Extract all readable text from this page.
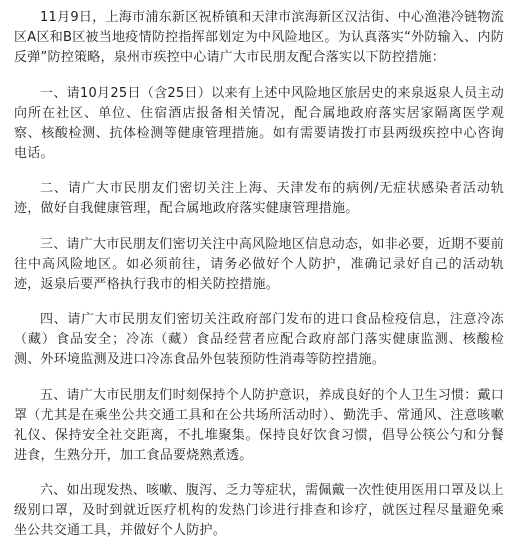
11月9日，上海市浦东新区祝桥镇和天津市滨海新区汉沽街、中心渔港冷链物流区A区和B区被当地疫情防控指挥部划定为中风险地区。为认真落实“外防输入、内防反弹”防控策略，泉州市疾控中心请广大市民朋友配合落实以下防控措施：

一、请10月25日（含25日）以来有上述中风险地区旅居史的来泉返泉人员主动向所在社区、单位、住宿酒店报备相关情况，配合属地政府落实居家隔离医学观察、核酸检测、抗体检测等健康管理措施。如有需要请拨打市县两级疾控中心咨询电话。

二、请广大市民朋友们密切关注上海、天津发布的病例/无症状感染者活动轨迹，做好自我健康管理，配合属地政府落实健康管理措施。

三、请广大市民朋友们密切关注中高风险地区信息动态，如非必要，近期不要前往中高风险地区。如必须前往，请务必做好个人防护，准确记录好自己的活动轨迹，返泉后要严格执行我市的相关防控措施。

四、请广大市民朋友们密切关注政府部门发布的进口食品检疫信息，注意冷冻（藏）食品安全；冷冻（藏）食品经营者应配合政府部门落实健康监测、核酸检测、外环境监测及进口冷冻食品外包装预防性消毒等防控措施。

五、请广大市民朋友们时刻保持个人防护意识，养成良好的个人卫生习惯：戴口罩（尤其是在乘坐公共交通工具和在公共场所活动时）、勤洗手、常通风、注意咳嗽礼仪、保持安全社交距离，不扎堆聚集。保持良好饮食习惯，倡导公筷公勺和分餐进食，生熟分开，加工食品要烧熟煮透。

六、如出现发热、咳嗽、腹泻、乏力等症状，需佩戴一次性使用医用口罩及以上级别口罩，及时到就近医疗机构的发热门诊进行排查和诊疗，就医过程尽量避免乘坐公共交通工具，并做好个人防护。
